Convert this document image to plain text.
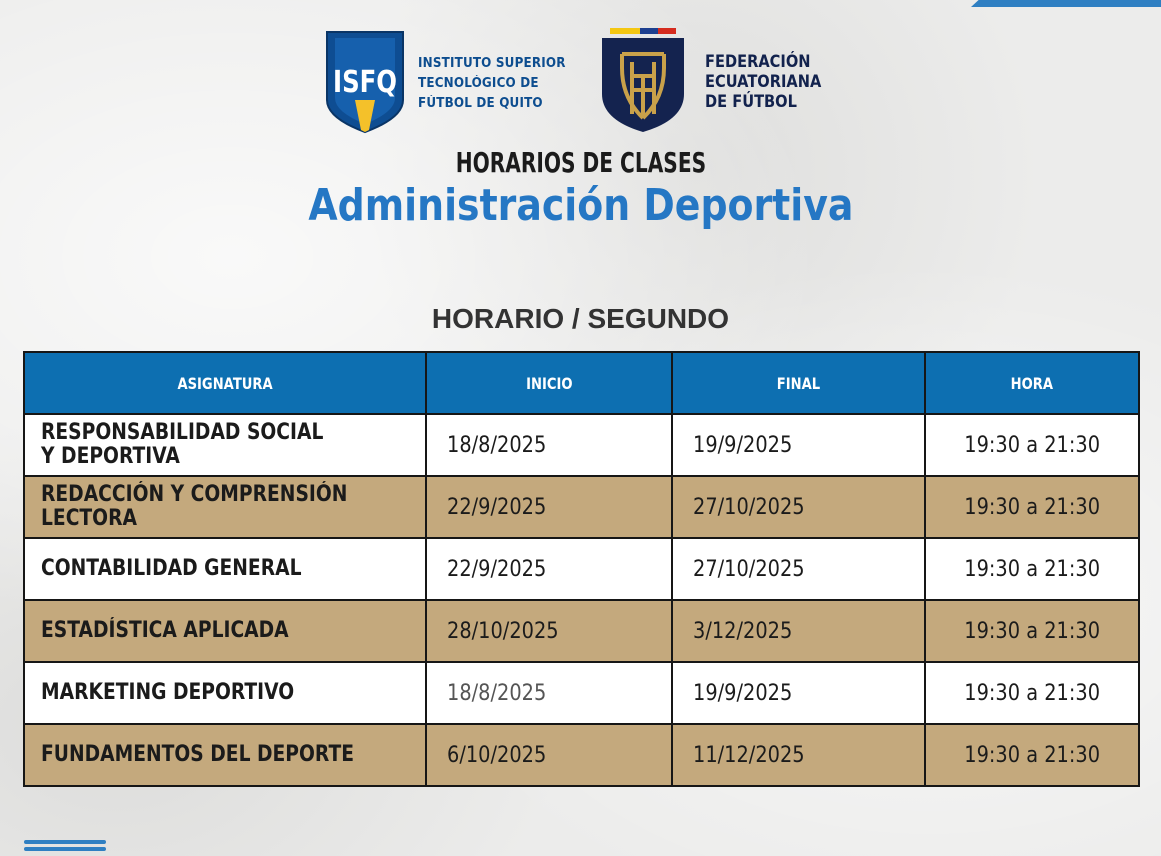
ISFQ
INSTITUTO SUPERIOR
TECNOLÓGICO DE
FÚTBOL DE QUITO
FEDERACIÓN
ECUATORIANA
DE FÚTBOL
HORARIOS DE CLASES
Administración Deportiva
HORARIO / SEGUNDO
ASIGNATURA	INICIO	FINAL	HORA

RESPONSABILIDAD SOCIAL
Y DEPORTIVA	18/8/2025	19/9/2025	19:30 a 21:30

REDACCIÓN Y COMPRENSIÓN
LECTORA	22/9/2025	27/10/2025	19:30 a 21:30

CONTABILIDAD GENERAL	22/9/2025	27/10/2025	19:30 a 21:30

ESTADÍSTICA APLICADA	28/10/2025	3/12/2025	19:30 a 21:30

MARKETING DEPORTIVO	18/8/2025	19/9/2025	19:30 a 21:30

FUNDAMENTOS DEL DEPORTE	6/10/2025	11/12/2025	19:30 a 21:30
